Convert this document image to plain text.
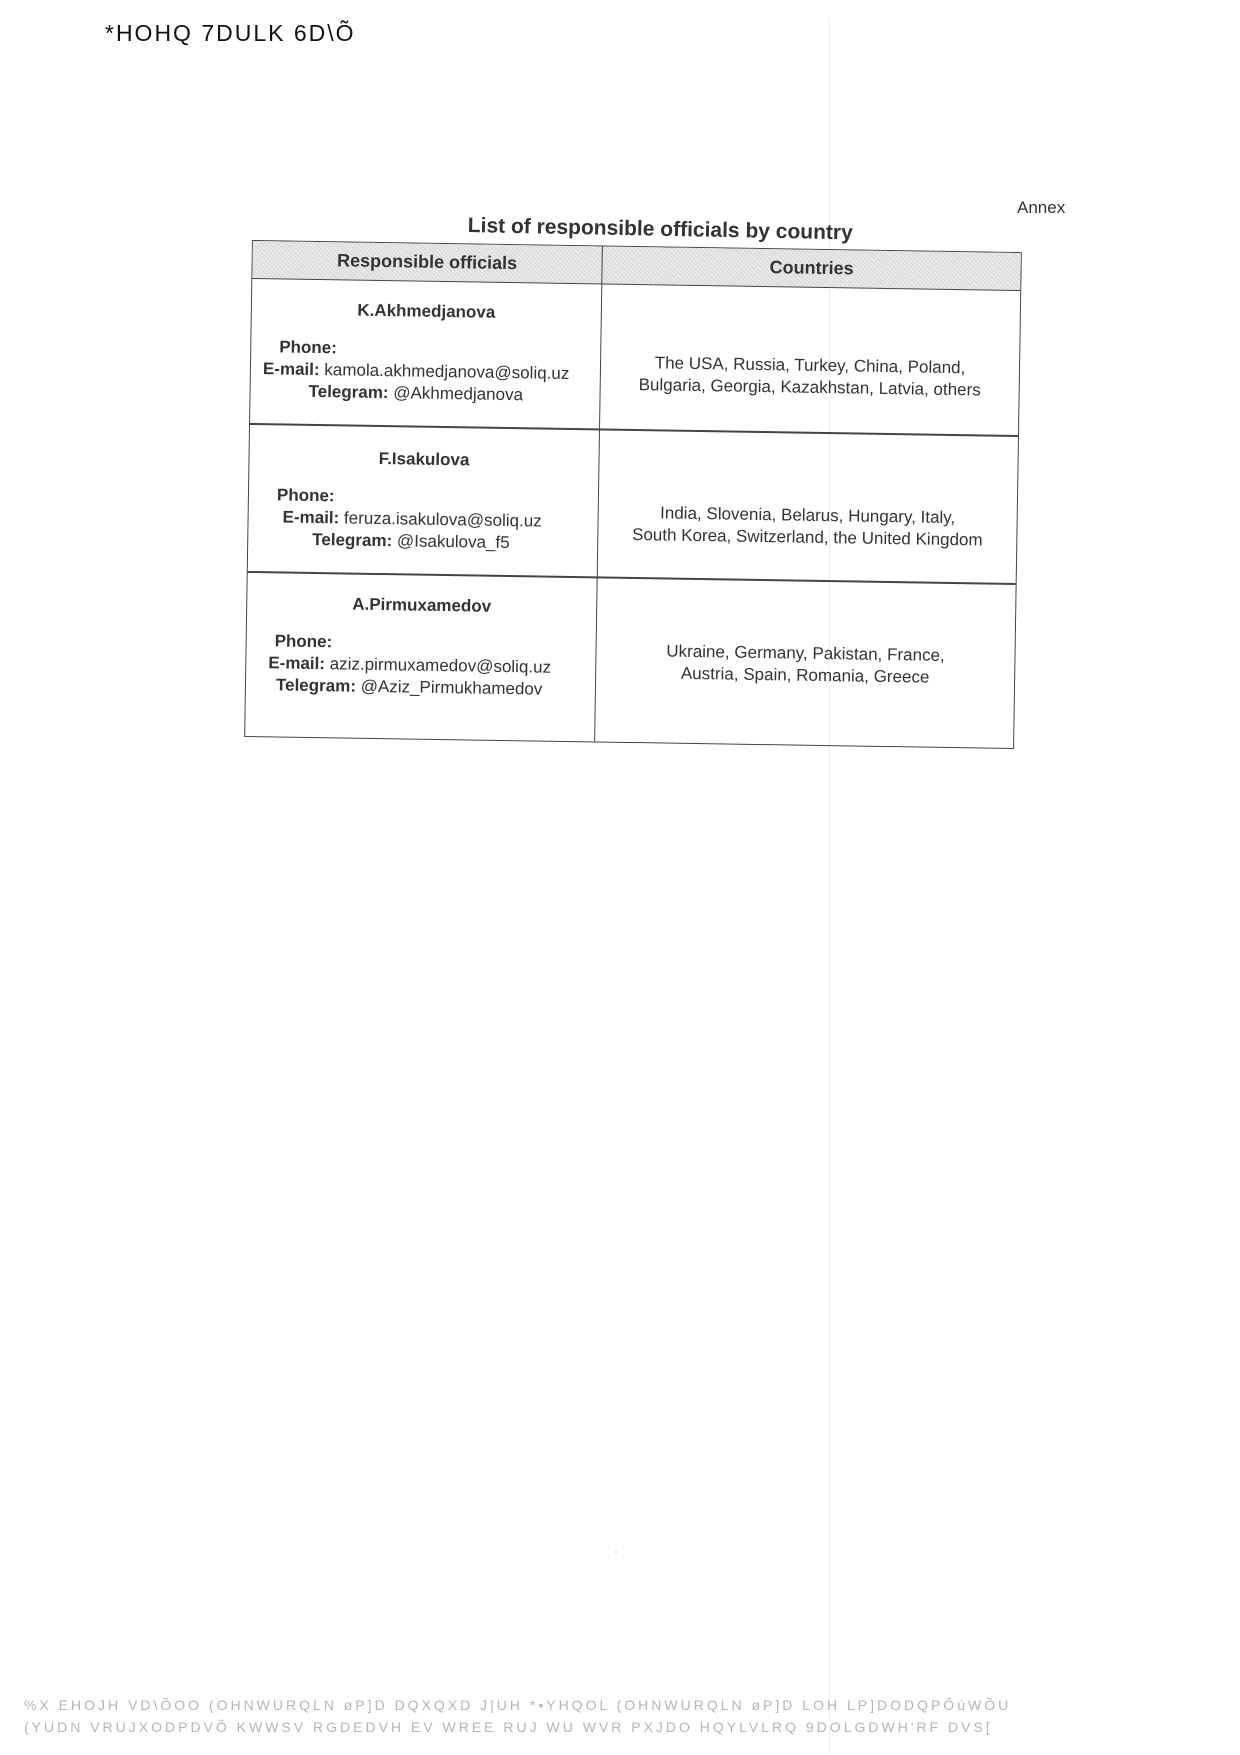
*HOHQ 7DULK 6D\Õ
Annex
List of responsible officials by country
Responsible officials	Countries
K.Akhmedjanova
Phone:
E-mail: kamola.akhmedjanova@soliq.uz
Telegram: @Akhmedjanova
The USA, Russia, Turkey, China, Poland,
Bulgaria, Georgia, Kazakhstan, Latvia, others
F.Isakulova
Phone:
E-mail: feruza.isakulova@soliq.uz
Telegram: @Isakulova_f5
India, Slovenia, Belarus, Hungary, Italy,
South Korea, Switzerland, the United Kingdom
A.Pirmuxamedov
Phone:
E-mail: aziz.pirmuxamedov@soliq.uz
Telegram: @Aziz_Pirmukhamedov
Ukraine, Germany, Pakistan, France,
Austria, Spain, Romania, Greece
%X EHOJH VD\ÕOO (OHNWURQLN øP]D DQXQXD J|UH *•YHQOL (OHNWURQLN øP]D LOH LP]DODQPÕúWÕU
(YUDN VRUJXODPDVÕ KWWSV RGDEDVH EV WREE RUJ WU WVR PXJDO HQYLVLRQ 9DOLGDWH'RF DVS[
